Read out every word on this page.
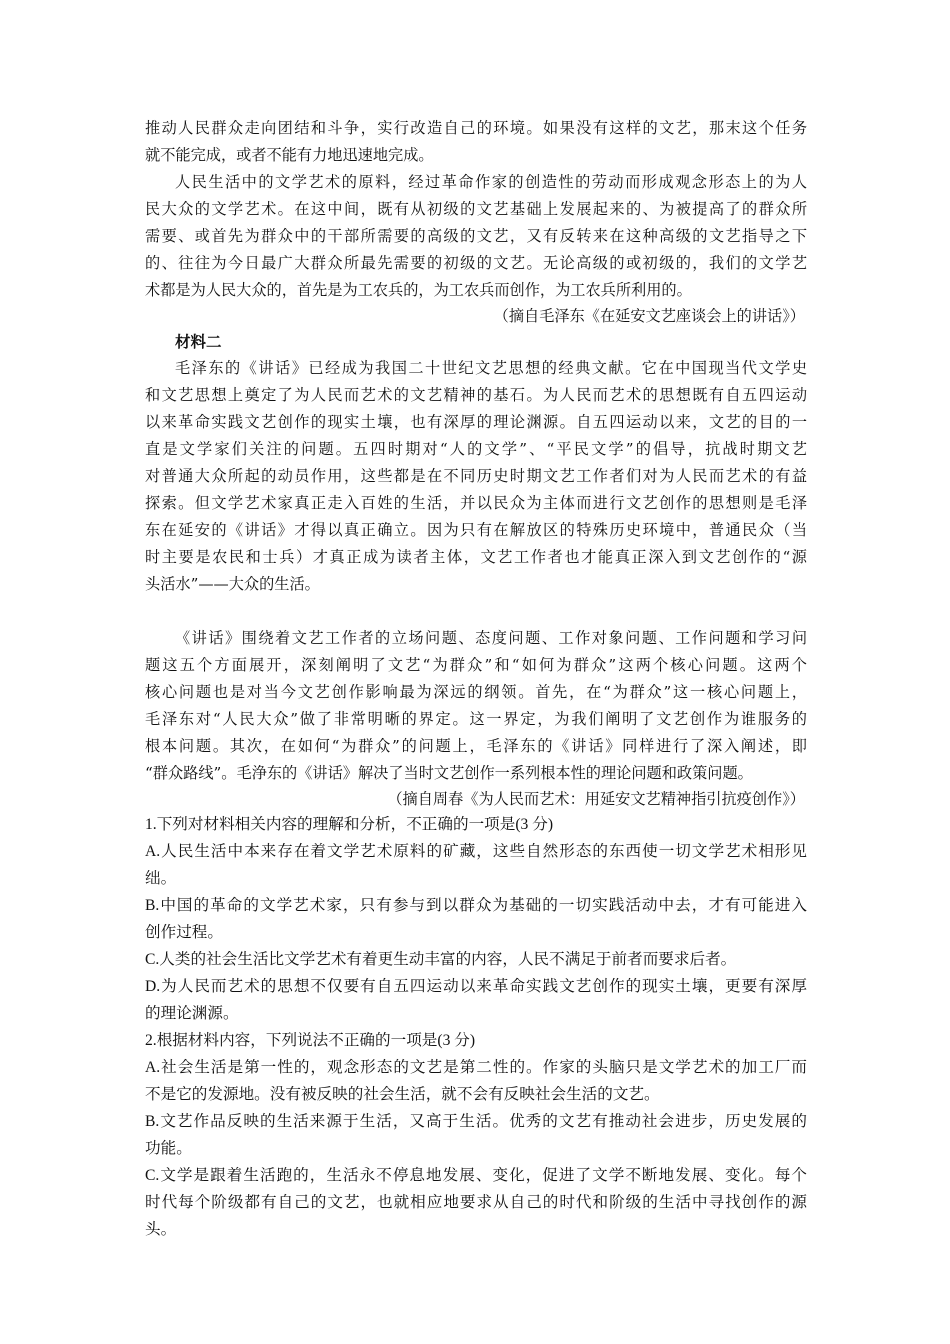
推动人民群众走向团结和斗争，实行改造自己的环境。如果没有这样的文艺，那末这个任务
就不能完成，或者不能有力地迅速地完成。
人民生活中的文学艺术的原料，经过革命作家的创造性的劳动而形成观念形态上的为人
民大众的文学艺术。在这中间，既有从初级的文艺基础上发展起来的、为被提高了的群众所
需要、或首先为群众中的干部所需要的高级的文艺，又有反转来在这种高级的文艺指导之下
的、往往为今日最广大群众所最先需要的初级的文艺。无论高级的或初级的，我们的文学艺
术都是为人民大众的，首先是为工农兵的，为工农兵而创作，为工农兵所利用的。
（摘自毛泽东《在延安文艺座谈会上的讲话》）
材料二
毛泽东的《讲话》已经成为我国二十世纪文艺思想的经典文献。它在中国现当代文学史
和文艺思想上奠定了为人民而艺术的文艺精神的基石。为人民而艺术的思想既有自五四运动
以来革命实践文艺创作的现实土壤，也有深厚的理论渊源。自五四运动以来，文艺的目的一
直是文学家们关注的问题。五四时期对“人的文学”、“平民文学”的倡导，抗战时期文艺
对普通大众所起的动员作用，这些都是在不同历史时期文艺工作者们对为人民而艺术的有益
探索。但文学艺术家真正走入百姓的生活，并以民众为主体而进行文艺创作的思想则是毛泽
东在延安的《讲话》才得以真正确立。因为只有在解放区的特殊历史环境中，普通民众（当
时主要是农民和士兵）才真正成为读者主体，文艺工作者也才能真正深入到文艺创作的“源
头活水”——大众的生活。
《讲话》围绕着文艺工作者的立场问题、态度问题、工作对象问题、工作问题和学习问
题这五个方面展开，深刻阐明了文艺“为群众”和“如何为群众”这两个核心问题。这两个
核心问题也是对当今文艺创作影响最为深远的纲领。首先，在“为群众”这一核心问题上，
毛泽东对“人民大众”做了非常明晰的界定。这一界定，为我们阐明了文艺创作为谁服务的
根本问题。其次，在如何“为群众”的问题上，毛泽东的《讲话》同样进行了深入阐述，即
“群众路线”。毛浄东的《讲话》解决了当时文艺创作一系列根本性的理论问题和政策问题。
（摘自周春《为人民而艺术：用延安文艺精神指引抗疫创作》）
1.下列对材料相关内容的理解和分析，不正确的一项是(3 分)
A.人民生活中本来存在着文学艺术原料的矿藏，这些自然形态的东西使一切文学艺术相形见
绌。
B.中国的革命的文学艺术家，只有参与到以群众为基础的一切实践活动中去，才有可能进入
创作过程。
C.人类的社会生活比文学艺术有着更生动丰富的内容，人民不满足于前者而要求后者。
D.为人民而艺术的思想不仅要有自五四运动以来革命实践文艺创作的现实土壤，更要有深厚
的理论渊源。
2.根据材料内容，下列说法不正确的一项是(3 分)
A.社会生活是第一性的，观念形态的文艺是第二性的。作家的头脑只是文学艺术的加工厂而
不是它的发源地。没有被反映的社会生活，就不会有反映社会生活的文艺。
B.文艺作品反映的生活来源于生活，又高于生活。优秀的文艺有推动社会进步，历史发展的
功能。
C.文学是跟着生活跑的，生活永不停息地发展、变化，促进了文学不断地发展、变化。每个
时代每个阶级都有自己的文艺，也就相应地要求从自己的时代和阶级的生活中寻找创作的源
头。
